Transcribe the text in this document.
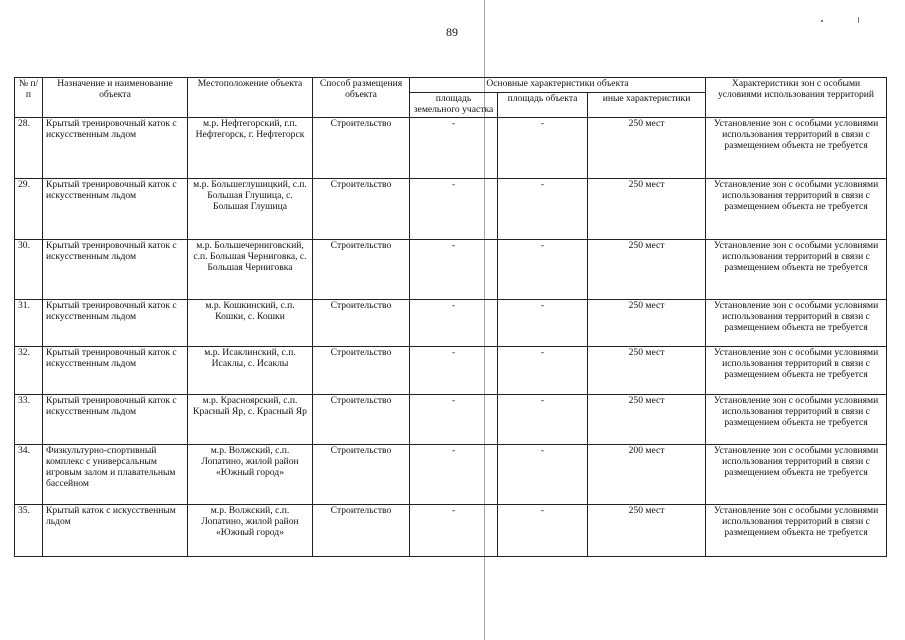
89
№ п/п	Назначение и наименование объекта	Местоположение объекта	Способ размещения объекта	Основные характеристики объекта			Характеристики зон с особыми условиями использования территорий
				площадь земельного участка	площадь объекта	иные характеристики	
28.	Крытый тренировочный каток с искусственным льдом	м.р. Нефтегорский, г.п. Нефтегорск, г. Нефтегорск	Строительство	-	-	250 мест	Установление зон с особыми условиями использования территорий в связи с размещением объекта не требуется
29.	Крытый тренировочный каток с искусственным льдом	м.р. Большеглушицкий, с.п. Большая Глушица, с. Большая Глушица	Строительство	-	-	250 мест	Установление зон с особыми условиями использования территорий в связи с размещением объекта не требуется
30.	Крытый тренировочный каток с искусственным льдом	м.р. Большечерниговский, с.п. Большая Черниговка, с. Большая Черниговка	Строительство	-	-	250 мест	Установление зон с особыми условиями использования территорий в связи с размещением объекта не требуется
31.	Крытый тренировочный каток с искусственным льдом	м.р. Кошкинский, с.п. Кошки, с. Кошки	Строительство	-	-	250 мест	Установление зон с особыми условиями использования территорий в связи с размещением объекта не требуется
32.	Крытый тренировочный каток с искусственным льдом	м.р. Исаклинский, с.п. Исаклы, с. Исаклы	Строительство	-	-	250 мест	Установление зон с особыми условиями использования территорий в связи с размещением объекта не требуется
33.	Крытый тренировочный каток с искусственным льдом	м.р. Красноярский, с.п. Красный Яр, с. Красный Яр	Строительство	-	-	250 мест	Установление зон с особыми условиями использования территорий в связи с размещением объекта не требуется
34.	Физкультурно-спортивный комплекс с универсальным игровым залом и плавательным бассейном	м.р. Волжский, с.п. Лопатино, жилой район «Южный город»	Строительство	-	-	200 мест	Установление зон с особыми условиями использования территорий в связи с размещением объекта не требуется
35.	Крытый каток с искусственным льдом	м.р. Волжский, с.п. Лопатино, жилой район «Южный город»	Строительство	-	-	250 мест	Установление зон с особыми условиями использования территорий в связи с размещением объекта не требуется
